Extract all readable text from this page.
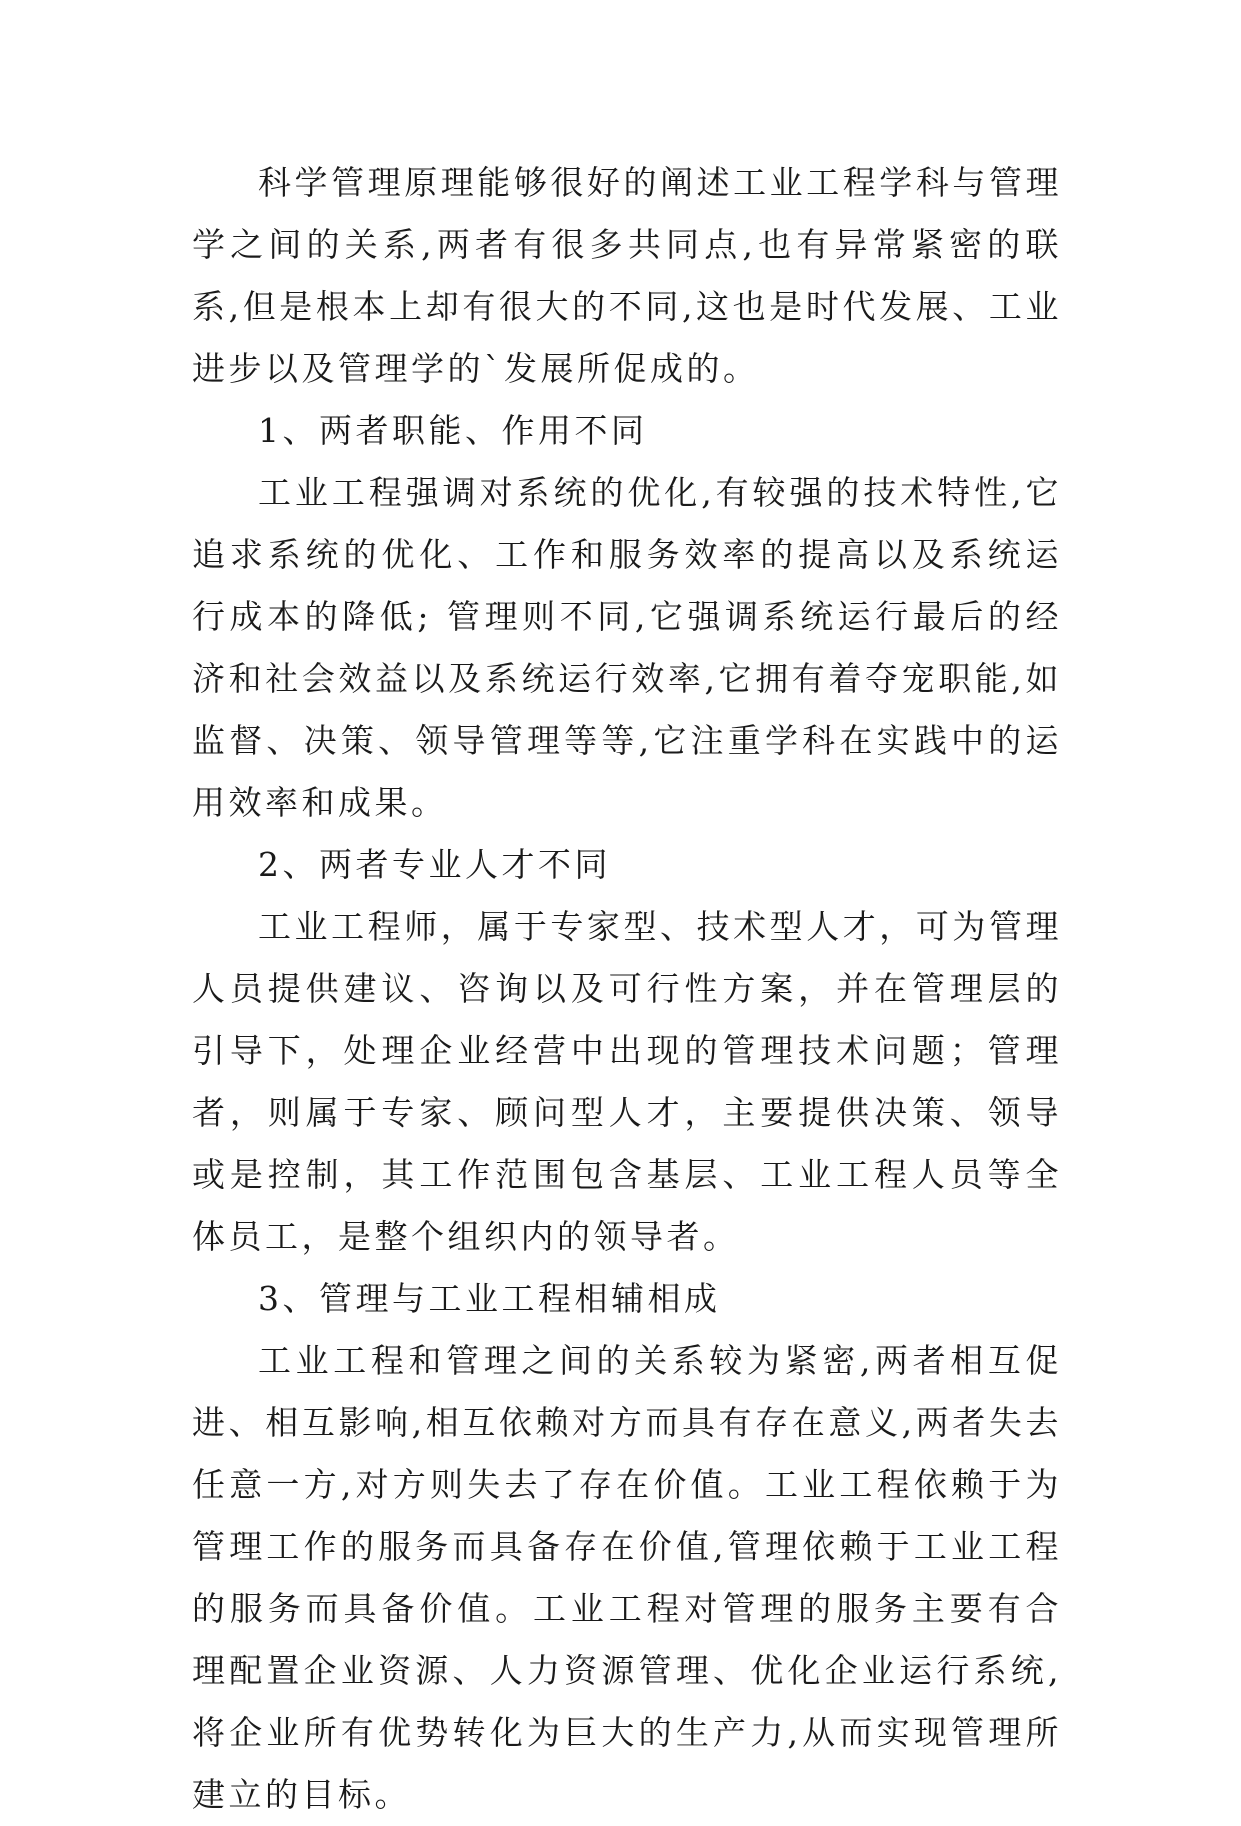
科学管理原理能够很好的阐述工业工程学科与管理学之间的关系,两者有很多共同点,也有异常紧密的联系,但是根本上却有很大的不同,这也是时代发展、工业进步以及管理学的`发展所促成的。

1、两者职能、作用不同

工业工程强调对系统的优化,有较强的技术特性,它追求系统的优化、工作和服务效率的提高以及系统运行成本的降低; 管理则不同,它强调系统运行最后的经济和社会效益以及系统运行效率,它拥有着夺宠职能,如监督、决策、领导管理等等,它注重学科在实践中的运用效率和成果。

2、两者专业人才不同

工业工程师，属于专家型、技术型人才，可为管理人员提供建议、咨询以及可行性方案，并在管理层的引导下，处理企业经营中出现的管理技术问题；管理者，则属于专家、顾问型人才，主要提供决策、领导或是控制，其工作范围包含基层、工业工程人员等全体员工，是整个组织内的领导者。

3、管理与工业工程相辅相成

工业工程和管理之间的关系较为紧密,两者相互促进、相互影响,相互依赖对方而具有存在意义,两者失去任意一方,对方则失去了存在价值。工业工程依赖于为管理工作的服务而具备存在价值,管理依赖于工业工程的服务而具备价值。工业工程对管理的服务主要有合理配置企业资源、人力资源管理、优化企业运行系统,将企业所有优势转化为巨大的生产力,从而实现管理所建立的目标。
